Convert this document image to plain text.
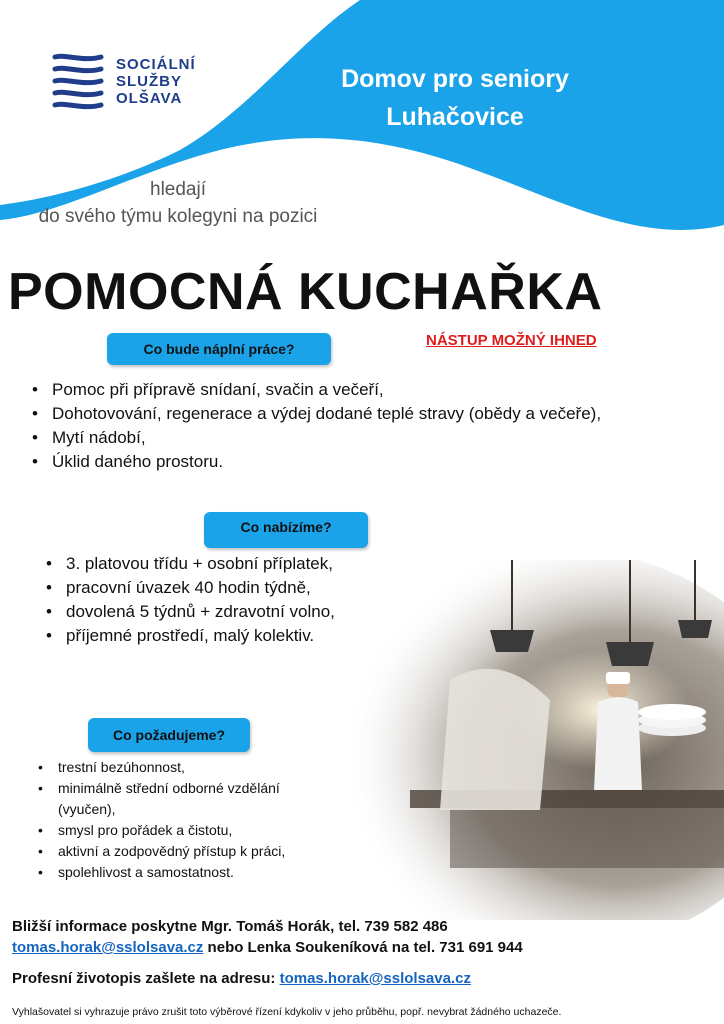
SOCIÁLNÍ
SLUŽBY
OLŠAVA
Domov pro seniory
Luhačovice
hledají
do svého týmu kolegyni na pozici
POMOCNÁ KUCHAŘKA
Co bude náplní práce?	NÁSTUP MOŽNÝ IHNED
• Pomoc při přípravě snídaní, svačin a večeří,
• Dohotovování, regenerace a výdej dodané teplé stravy (obědy a večeře),
• Mytí nádobí,
• Úklid daného prostoru.
Co nabízíme?
• 3. platovou třídu + osobní příplatek,
• pracovní úvazek 40 hodin týdně,
• dovolená 5 týdnů + zdravotní volno,
• příjemné prostředí, malý kolektiv.
Co požadujeme?
• trestní bezúhonnost,
• minimálně střední odborné vzdělání (vyučen),
• smysl pro pořádek a čistotu,
• aktivní a zodpovědný přístup k práci,
• spolehlivost a samostatnost.
Bližší informace poskytne Mgr. Tomáš Horák, tel. 739 582 486
tomas.horak@sslolsava.cz nebo Lenka Soukeníková na tel. 731 691 944
Profesní životopis zašlete na adresu: tomas.horak@sslolsava.cz
Vyhlašovatel si vyhrazuje právo zrušit toto výběrové řízení kdykoliv v jeho průběhu, popř. nevybrat žádného uchazeče.
